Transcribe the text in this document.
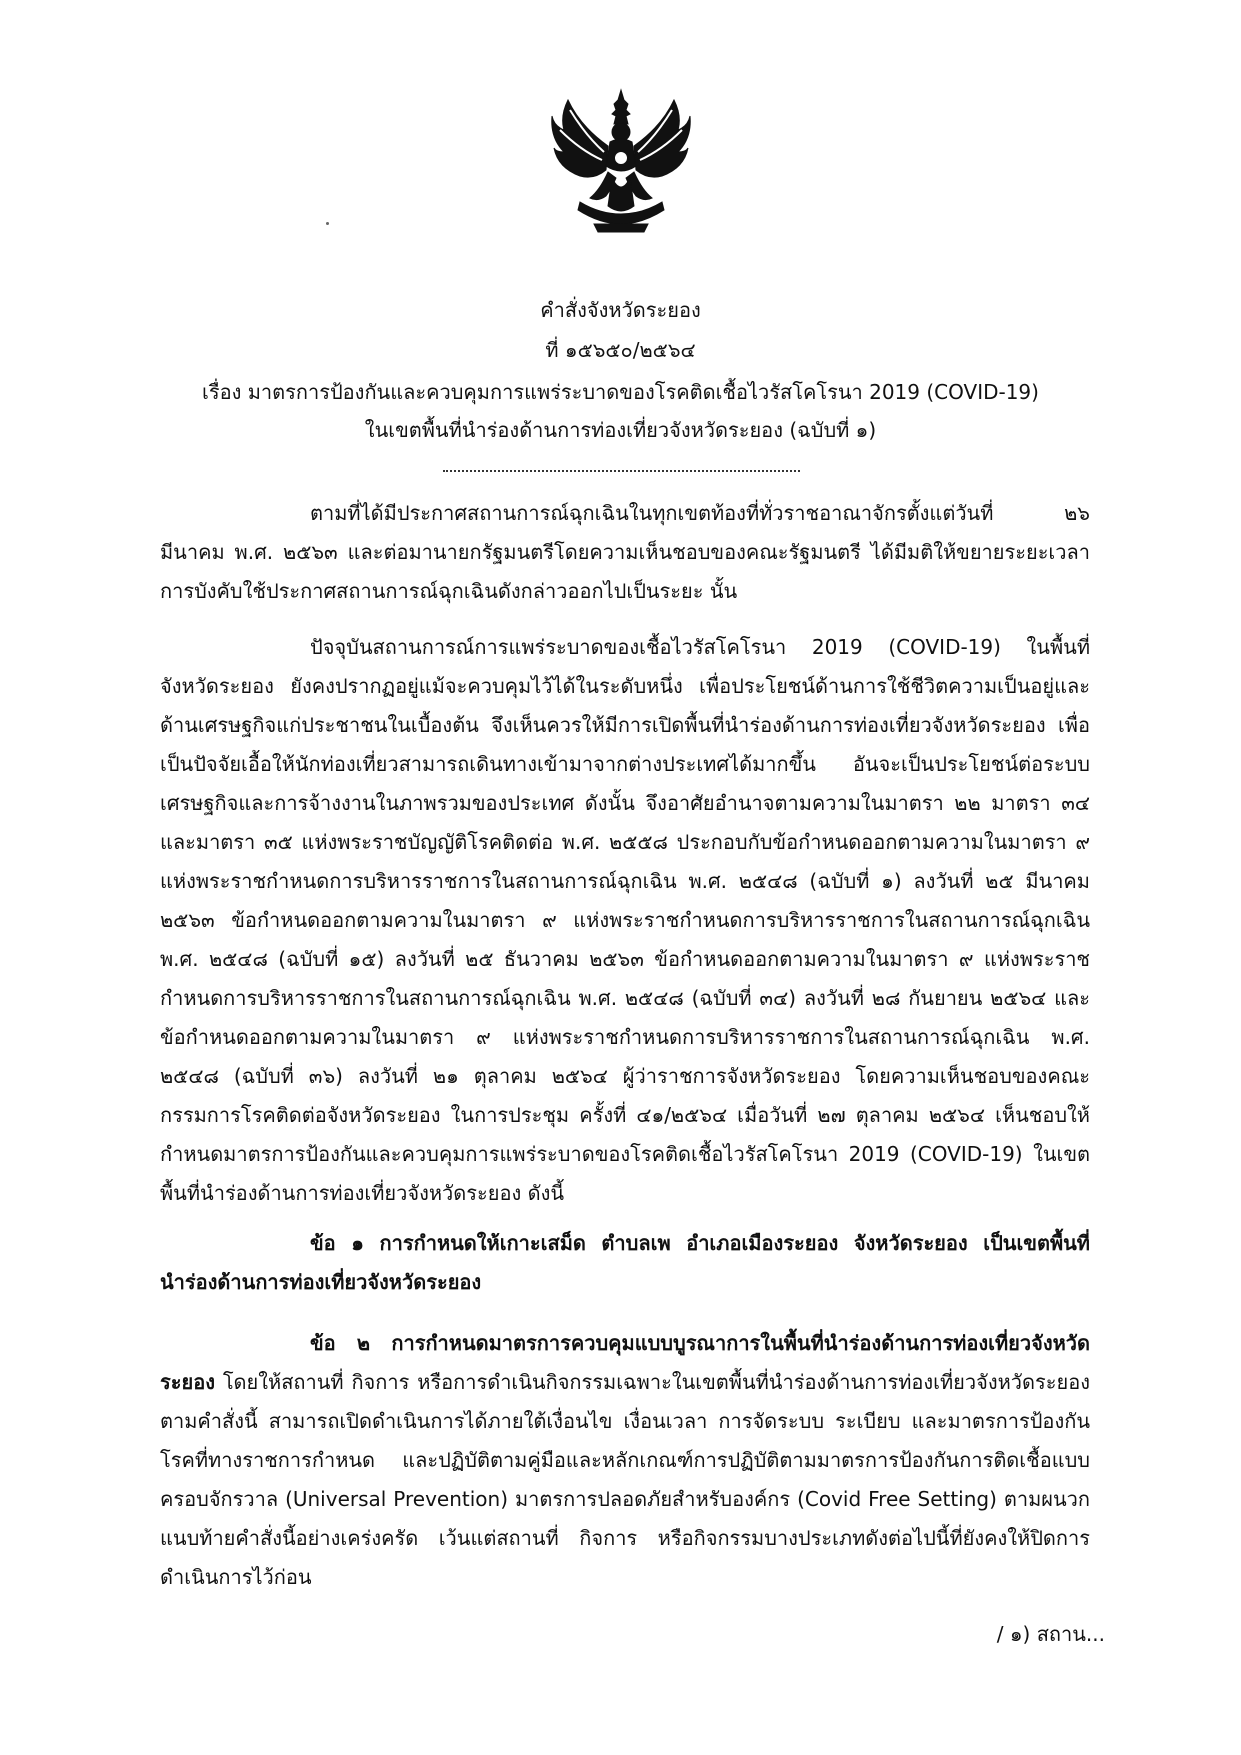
คำสั่งจังหวัดระยอง
ที่ ๑๕๖๕๐/๒๕๖๔
เรื่อง มาตรการป้องกันและควบคุมการแพร่ระบาดของโรคติดเชื้อไวรัสโคโรนา 2019 (COVID-19)
ในเขตพื้นที่นำร่องด้านการท่องเที่ยวจังหวัดระยอง (ฉบับที่ ๑)
ตามที่ได้มีประกาศสถานการณ์ฉุกเฉินในทุกเขตท้องที่ทั่วราชอาณาจักรตั้งแต่วันที่ ๒๖ มีนาคม พ.ศ. ๒๕๖๓ และต่อมานายกรัฐมนตรีโดยความเห็นชอบของคณะรัฐมนตรี ได้มีมติให้ขยายระยะเวลาการบังคับใช้ประกาศสถานการณ์ฉุกเฉินดังกล่าวออกไปเป็นระยะ นั้น
ปัจจุบันสถานการณ์การแพร่ระบาดของเชื้อไวรัสโคโรนา 2019 (COVID-19) ในพื้นที่จังหวัดระยอง ยังคงปรากฏอยู่แม้จะควบคุมไว้ได้ในระดับหนึ่ง เพื่อประโยชน์ด้านการใช้ชีวิตความเป็นอยู่และด้านเศรษฐกิจแก่ประชาชนในเบื้องต้น จึงเห็นควรให้มีการเปิดพื้นที่นำร่องด้านการท่องเที่ยวจังหวัดระยอง เพื่อเป็นปัจจัยเอื้อให้นักท่องเที่ยวสามารถเดินทางเข้ามาจากต่างประเทศได้มากขึ้น อันจะเป็นประโยชน์ต่อระบบเศรษฐกิจและการจ้างงานในภาพรวมของประเทศ ดังนั้น จึงอาศัยอำนาจตามความในมาตรา ๒๒ มาตรา ๓๔ และมาตรา ๓๕ แห่งพระราชบัญญัติโรคติดต่อ พ.ศ. ๒๕๕๘ ประกอบกับข้อกำหนดออกตามความในมาตรา ๙ แห่งพระราชกำหนดการบริหารราชการในสถานการณ์ฉุกเฉิน พ.ศ. ๒๕๔๘ (ฉบับที่ ๑) ลงวันที่ ๒๕ มีนาคม ๒๕๖๓ ข้อกำหนดออกตามความในมาตรา ๙ แห่งพระราชกำหนดการบริหารราชการในสถานการณ์ฉุกเฉิน พ.ศ. ๒๕๔๘ (ฉบับที่ ๑๕) ลงวันที่ ๒๕ ธันวาคม ๒๕๖๓ ข้อกำหนดออกตามความในมาตรา ๙ แห่งพระราชกำหนดการบริหารราชการในสถานการณ์ฉุกเฉิน พ.ศ. ๒๕๔๘ (ฉบับที่ ๓๔) ลงวันที่ ๒๘ กันยายน ๒๕๖๔ และข้อกำหนดออกตามความในมาตรา ๙ แห่งพระราชกำหนดการบริหารราชการในสถานการณ์ฉุกเฉิน พ.ศ. ๒๕๔๘ (ฉบับที่ ๓๖) ลงวันที่ ๒๑ ตุลาคม ๒๕๖๔ ผู้ว่าราชการจังหวัดระยอง โดยความเห็นชอบของคณะกรรมการโรคติดต่อจังหวัดระยอง ในการประชุม ครั้งที่ ๔๑/๒๕๖๔ เมื่อวันที่ ๒๗ ตุลาคม ๒๕๖๔ เห็นชอบให้กำหนดมาตรการป้องกันและควบคุมการแพร่ระบาดของโรคติดเชื้อไวรัสโคโรนา 2019 (COVID-19) ในเขตพื้นที่นำร่องด้านการท่องเที่ยวจังหวัดระยอง ดังนี้
ข้อ ๑ การกำหนดให้เกาะเสม็ด ตำบลเพ อำเภอเมืองระยอง จังหวัดระยอง เป็นเขตพื้นที่นำร่องด้านการท่องเที่ยวจังหวัดระยอง
ข้อ ๒ การกำหนดมาตรการควบคุมแบบบูรณาการในพื้นที่นำร่องด้านการท่องเที่ยวจังหวัดระยอง โดยให้สถานที่ กิจการ หรือการดำเนินกิจกรรมเฉพาะในเขตพื้นที่นำร่องด้านการท่องเที่ยวจังหวัดระยองตามคำสั่งนี้ สามารถเปิดดำเนินการได้ภายใต้เงื่อนไข เงื่อนเวลา การจัดระบบ ระเบียบ และมาตรการป้องกันโรคที่ทางราชการกำหนด และปฏิบัติตามคู่มือและหลักเกณฑ์การปฏิบัติตามมาตรการป้องกันการติดเชื้อแบบครอบจักรวาล (Universal Prevention) มาตรการปลอดภัยสำหรับองค์กร (Covid Free Setting) ตามผนวกแนบท้ายคำสั่งนี้อย่างเคร่งครัด เว้นแต่สถานที่ กิจการ หรือกิจกรรมบางประเภทดังต่อไปนี้ที่ยังคงให้ปิดการดำเนินการไว้ก่อน
/ ๑) สถาน...
